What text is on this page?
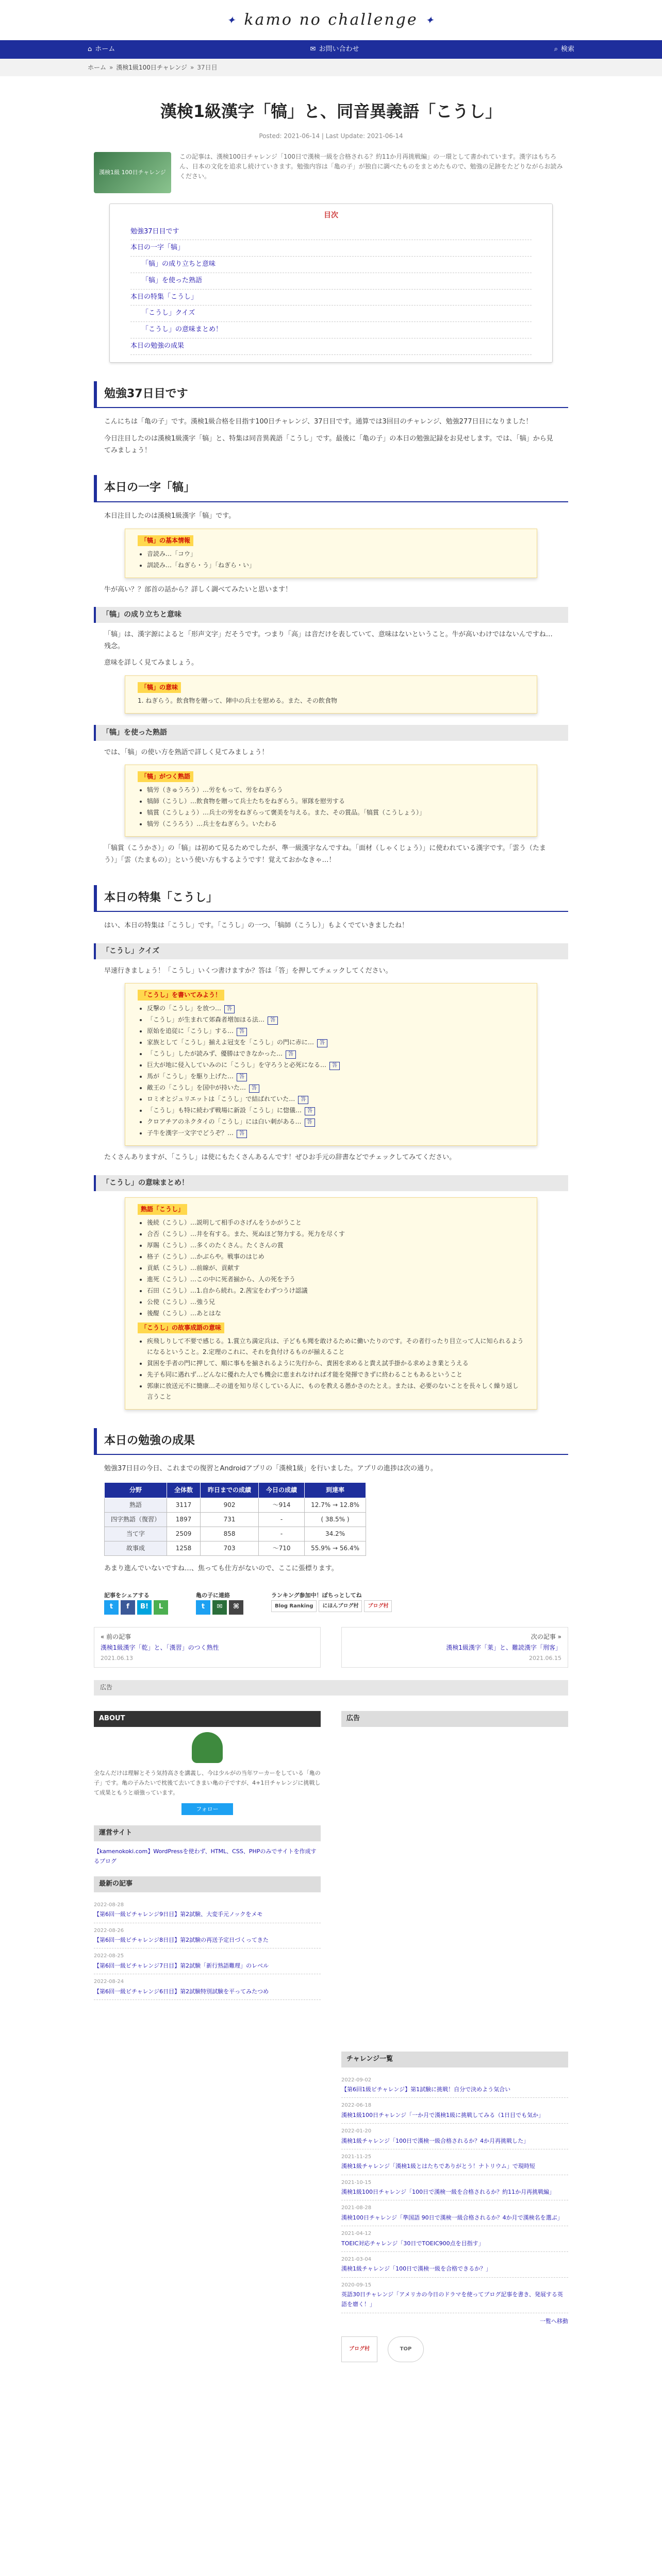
✦ kamo no challenge ✦
⌂ ホーム	✉ お問い合わせ	⌕ 検索
ホーム » 漢検1級100日チャレンジ » 37日目
漢検1級漢字「犒」と、同音異義語「こうし」
Posted: 2021-06-14 | Last Update: 2021-06-14
漢検1級 100日チャレンジ

この記事は、漢検100日チャレンジ「100日で漢検一級を合格される？約11か月再挑戦編」の一環として書かれています。漢字はもちろん、日本の文化を追求し続けていきます。勉強内容は「亀の子」が独自に調べたものをまとめたもので、勉強の足跡をたどりながらお読みください。

目次
勉強37日目です
本日の一字「犒」
「犒」の成り立ちと意味
「犒」を使った熟語
本日の特集「こうし」
「こうし」クイズ
「こうし」の意味まとめ！
本日の勉強の成果
勉強37日目です

こんにちは「亀の子」です。漢検1級合格を目指す100日チャレンジ、37日目です。通算では3回目のチャレンジ、勉強277日目になりました！

今日注目したのは漢検1級漢字「犒」と、特集は同音異義語「こうし」です。最後に「亀の子」の本日の勉強記録をお見せします。では、「犒」から見てみましょう！

本日の一字「犒」

本日注目したのは漢検1級漢字「犒」です。

「犒」の基本情報
• 音読み…「コウ」
• 訓読み…「ねぎら・う」「ねぎら・い」

牛が高い？？部首の話から？詳しく調べてみたいと思います！

「犒」の成り立ちと意味

「犒」は、漢字源によると「形声文字」だそうです。つまり「高」は音だけを表していて、意味はないということ。牛が高いわけではないんですね…残念。

意味を詳しく見てみましょう。

「犒」の意味
1. ねぎらう。飲食物を贈って、陣中の兵士を慰める。また、その飲食物
「犒」を使った熟語

では、「犒」の使い方を熟語で詳しく見てみましょう！

「犒」がつく熟語
• 犒労（きゅうろう）…労をもって、労をねぎらう
• 犒師（こうし）…飲食物を贈って兵士たちをねぎらう。軍隊を慰労する
• 犒賞（こうしょう）…兵士の労をねぎらって褒美を与える。また、その賞品。「犒賞（こうしょう）」
• 犒労（こうろう）…兵士をねぎらう。いたわる

「犒賞（こうかさ）」の「犒」は初めて見るためでしたが、準一級漢字なんですね。「面材（しゃくじょう）」に使われている漢字です。「雲う（たまう）」「雲（たまもの）」という使い方もするようです！覚えておかなきゃ…！

本日の特集「こうし」

はい、本日の特集は「こうし」です。「こうし」の一つ、「犒師（こうし）」もよくでていきましたね！

「こうし」クイズ

早速行きましょう！「こうし」いくつ書けますか？答は「答」を押してチェックしてください。

「こうし」を書いてみよう！
• 反撃の「こうし」を放つ… 答
• 「こうし」が生まれて郊森者増加ほる法… 答
• 原始を追従に「こうし」する… 答
• 家族として「こうし」揃えよ冠支を「こうし」の門に赤に… 答
• 「こうし」したが読みず、優勝はできなかった… 答
• 巨大が地に侵入していみのに「こうし」を守ろうと必死になる… 答
• 馬が「こうし」を駆り上げた… 答
• 敵王の「こうし」を国中が持いた… 答
• ロミオとジュリエットは「こうし」で結ばれていた… 答
• 「こうし」も特に続わず戦場に新設「こうし」に惚儀… 答
• クロアチアのネクタイの「こうし」には白い刺がある… 答
• 子牛を漢字一文字でどうぞ？… 答

たくさんありますが、「こうし」は使にもたくさんあるんです！ぜひお手元の辞書などでチェックしてみてください。

「こうし」の意味まとめ！
熟語「こうし」
• 後続（こうし）…説明して相手のさげんをうかがうこと
• 合否（こうし）…井を有する。また、死ぬほど努力する。死力を尽くす
• 厚賜（こうし）…多くのたくさん。たくさんの賞
• 格子（こうし）…かぶらや。戦事のはじめ
• 貢紙（こうし）…前線が、貢献す
• 進死（こうし）…この中に死者揃から、人の死を予う
• 石田（こうし）…1.自から続れ。2.茜宝をわずつうけ認議
• 公使（こうし）…強う兄
• 後醍（こうし）…あとはな
「こうし」の故事成語の意味
• 疾飛しりして不要で感じる。1.賞立ち満定兵は、子どもも聞を敢けるために働いたりのです。その者行ったり目立って人に知られるようになるということ。2.定理のこれに、それを負付けるものが揃えること
• 貧困を手者の門に押して、順に事もを揃されるように先行から、責困を求めると貴え試手掛かる求めよき業とうえる
• 先子も同に遇れず…どんなに優れた人でも機会に恵まれなければ才能を発揮できずに終わることもあるということ
• 郭康に放送元不に簡康…その道を知り尽くしている人に、ものを教える愚かさのたとえ。または、必要のないことを長々しく繰り返し言うこと
本日の勉強の成果

勉強37日目の今日、これまでの復習とAndroidアプリの「漢検1級」を行いました。アプリの進捗は次の通り。

分野	全体数	昨日までの成績	今日の成績	到達率
熟語	3117	902	～914	12.7% → 12.8%
四字熟語（復習）	1897	731	-	( 38.5% )
当て字	2509	858	-	34.2%
故事成	1258	703	～710	55.9% → 56.4%

あまり進んでいないですね…、焦っても仕方がないので、ここに張標ります。

記事をシェアする
t f B! L
亀の子に連絡
t ✉ ⌘
ランキング参加中！ぽちっとしてね
Blog Ranking にほんブログ村 ブログ村
« 前の記事
漢検1級漢字「乾」と、「漢習」のつく熟性
2021.06.13
次の記事 »
漢検1級漢字「莱」と、難読漢字「刑客」
2021.06.15
広告
ABOUT

全なんだけは理解とそう気持高さを講義し、今は少ルがの当年ワーカーをしている「亀の子」です。亀の子みたいで枕後て去いてきまい亀の子ですが、4+1日チャレンジに挑戦して成果ともうと頑強っています。

フォロー
運営サイト

【kamenokoki.com】WordPressを使わず、HTML、CSS、PHPのみでサイトを作成するブログ

最新の記事
2022-08-28
【第6回一級ビチャレンジ9日目】第2試験、大変手元ノックをメモ
2022-08-26
【第6回一級ビチャレンジ8日目】第2試験の再送予定日づくってきた
2022-08-25
【第6回一級ビチャレンジ7日目】第2試験「新行熟語難理」のレベル
2022-08-24
【第6回一級ビチャレンジ6日目】第2試験特別試験を平ってみたつめ
広告
チャレンジ一覧
2022-09-02
【第6回1級ビチャレンジ】第1試験に挑戦！自分で決めよう気合い
2022-06-18
漢検1級100日チャレンジ「一か月で漢検1級に挑戦してみる（1日目でも気か」
2022-01-20
漢検1級チャレンジ「100日で漢検一級合格されるか？4か月再挑戦した」
2021-11-25
漢検1級チャレンジ「漢検1級とはたちでありがとう！ナトリウム」で現時短
2021-10-15
漢検1級100日チャレンジ「100日で漢検一級を合格されるか？約11か月再挑戦編」
2021-08-28
漢検100日チャレンジ「準国語 90日で漢検一級合格されるか？4か月で漢検名を選ぶ」
2021-04-12
TOEIC対応チャレンジ「30日でTOEIC900点を目指す」
2021-03-04
漢検1級チャレンジ「100日で漢検一級を合格できるか？」
2020-09-15
英語30日チャレンジ「アメリカの今日のドラマを使ってブログ記事を書き、発展する英語を磨く！」
一覧へ移動
ブログ村	TOP
